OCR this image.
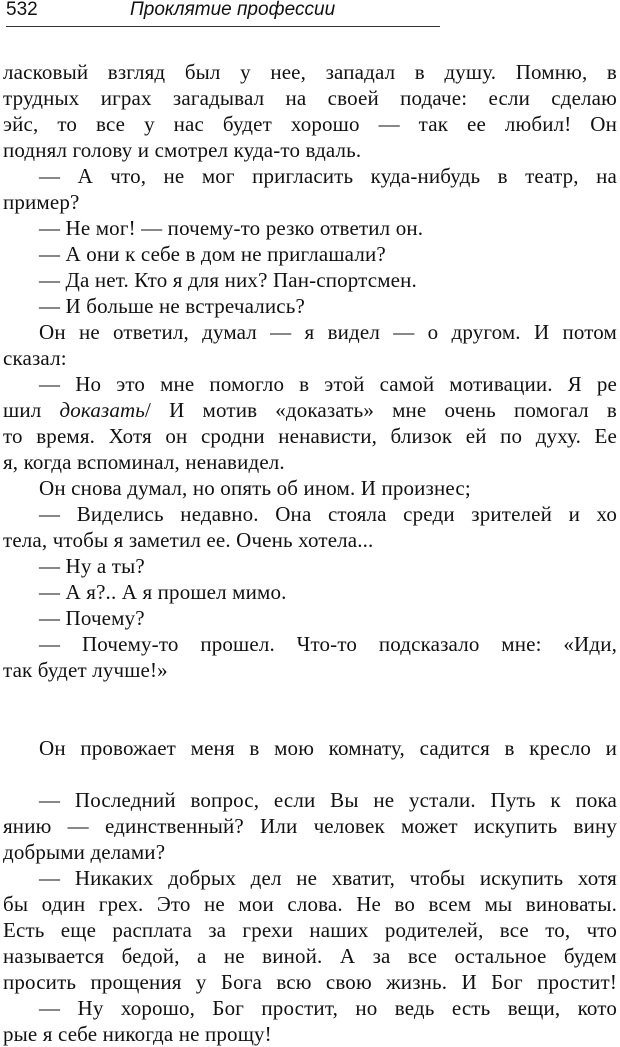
532	Проклятие профессии
ласковый взгляд был у нее, западал в душу. Помню, в
трудных играх загадывал на своей подаче: если сделаю
эйс, то все у нас будет хорошо — так ее любил! Он
поднял голову и смотрел куда-то вдаль.
— А что, не мог пригласить куда-нибудь в театр, на
пример?
— Не мог! — почему-то резко ответил он.
— А они к себе в дом не приглашали?
— Да нет. Кто я для них? Пан-спортсмен.
— И больше не встречались?
Он не ответил, думал — я видел — о другом. И потом
сказал:
— Но это мне помогло в этой самой мотивации. Я ре
шил доказать/ И мотив «доказать» мне очень помогал в
то время. Хотя он сродни ненависти, близок ей по духу. Ее
я, когда вспоминал, ненавидел.
Он снова думал, но опять об ином. И произнес;
— Виделись недавно. Она стояла среди зрителей и хо
тела, чтобы я заметил ее. Очень хотела...
— Ну а ты?
— А я?.. А я прошел мимо.
— Почему?
— Почему-то прошел. Что-то подсказало мне: «Иди,
так будет лучше!»
Он провожает меня в мою комнату, садится в кресло и
— Последний вопрос, если Вы не устали. Путь к пока
янию — единственный? Или человек может искупить вину
добрыми делами?
— Никаких добрых дел не хватит, чтобы искупить хотя
бы один грех. Это не мои слова. Не во всем мы виноваты.
Есть еще расплата за грехи наших родителей, все то, что
называется бедой, а не виной. А за все остальное будем
просить прощения у Бога всю свою жизнь. И Бог простит!
— Ну хорошо, Бог простит, но ведь есть вещи, кото
рые я себе никогда не прощу!
